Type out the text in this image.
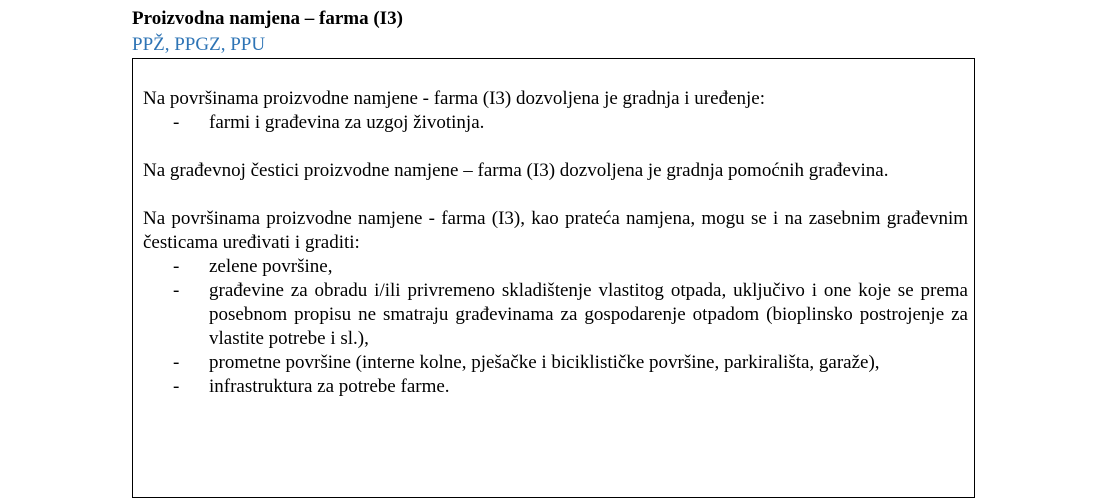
Proizvodna namjena – farma (I3)
PPŽ, PPGZ, PPU

Na površinama proizvodne namjene - farma (I3) dozvoljena je gradnja i uređenje:

- farmi i građevina za uzgoj životinja.

Na građevnoj čestici proizvodne namjene – farma (I3) dozvoljena je gradnja pomoćnih građevina.

Na površinama proizvodne namjene - farma (I3), kao prateća namjena, mogu se i na zasebnim građevnim česticama uređivati i graditi:

- zelene površine,
- građevine za obradu i/ili privremeno skladištenje vlastitog otpada, uključivo i one koje se prema posebnom propisu ne smatraju građevinama za gospodarenje otpadom (bioplinsko postrojenje za vlastite potrebe i sl.),
- prometne površine (interne kolne, pješačke i biciklističke površine, parkirališta, garaže),
- infrastruktura za potrebe farme.
